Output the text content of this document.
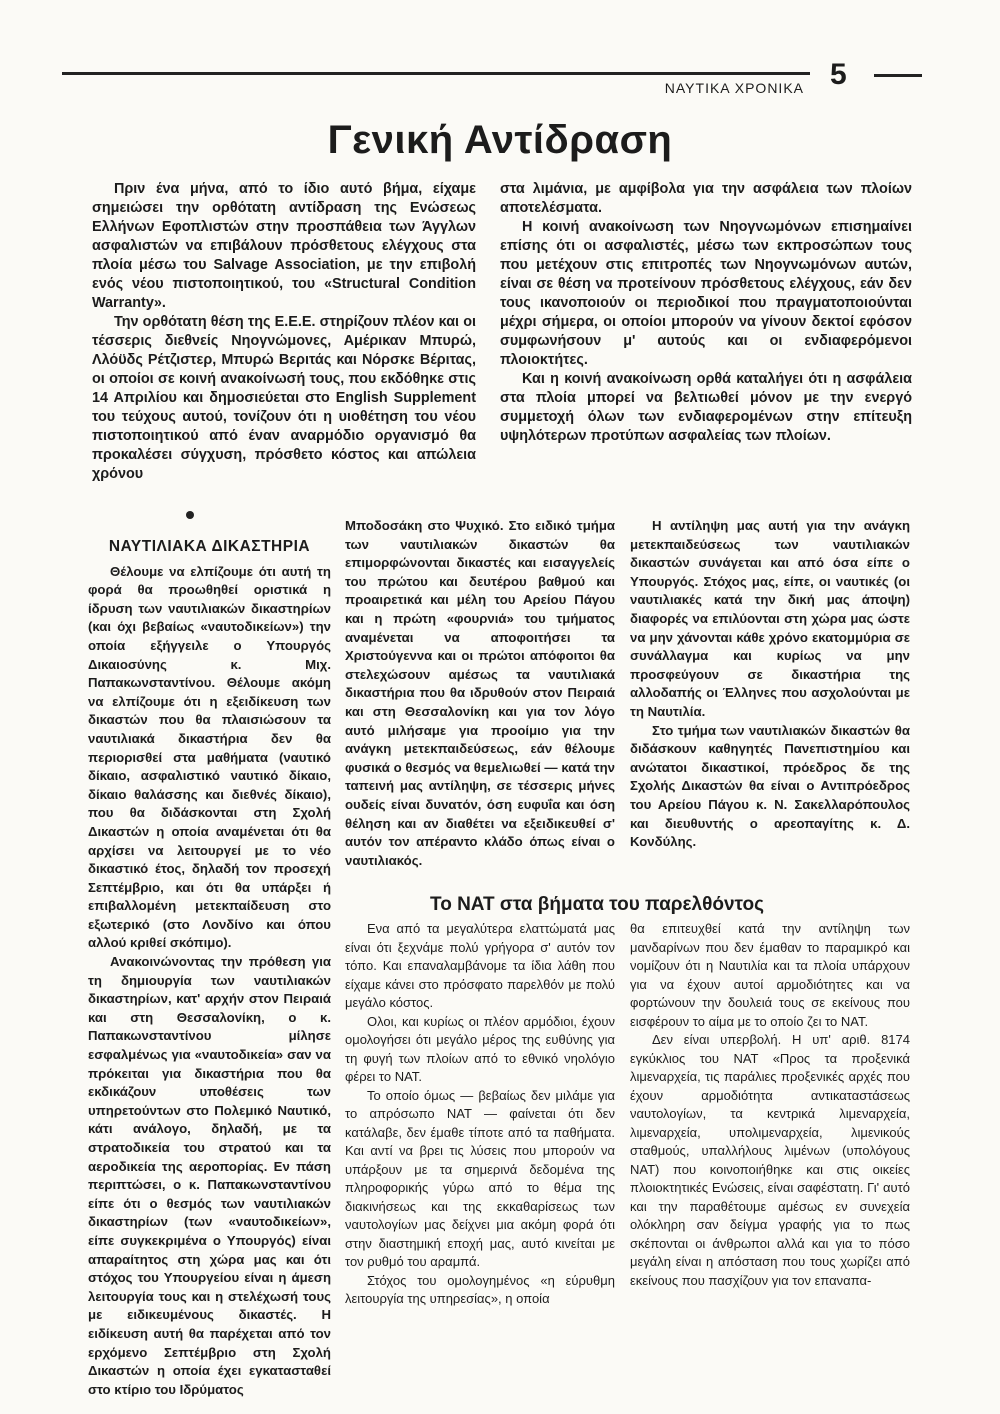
ΝΑΥΤΙΚΑ ΧΡΟΝΙΚΑ 5
Γενική Αντίδραση

Πριν ένα μήνα, από το ίδιο αυτό βήμα, είχαμε σημειώσει την ορθότατη αντίδραση της Ενώσεως Ελλήνων Εφοπλιστών στην προσπάθεια των Άγγλων ασφαλιστών να επιβάλουν πρόσθετους ελέγχους στα πλοία μέσω του Salvage Association, με την επιβολή ενός νέου πιστοποιητικού, του «Structural Condition Warranty».

Την ορθότατη θέση της Ε.Ε.Ε. στηρίζουν πλέον και οι τέσσερις διεθνείς Νηογνώμονες, Αμέρικαν Μπυρώ, Λλόϋδς Ρέτζιστερ, Μπυρώ Βεριτάς και Νόρσκε Βέριτας, οι οποίοι σε κοινή ανακοίνωσή τους, που εκδόθηκε στις 14 Απριλίου και δημοσιεύεται στο English Supplement του τεύχους αυτού, τονίζουν ότι η υιοθέτηση του νέου πιστοποιητικού από έναν αναρμόδιο οργανισμό θα προκαλέσει σύγχυση, πρόσθετο κόστος και απώλεια χρόνου

στα λιμάνια, με αμφίβολα για την ασφάλεια των πλοίων αποτελέσματα.

Η κοινή ανακοίνωση των Νηογνωμόνων επισημαίνει επίσης ότι οι ασφαλιστές, μέσω των εκπροσώπων τους που μετέχουν στις επιτροπές των Νηογνωμόνων αυτών, είναι σε θέση να προτείνουν πρόσθετους ελέγχους, εάν δεν τους ικανοποιούν οι περιοδικοί που πραγματοποιούνται μέχρι σήμερα, οι οποίοι μπορούν να γίνουν δεκτοί εφόσον συμφωνήσουν μ' αυτούς και οι ενδιαφερόμενοι πλοιοκτήτες.

Και η κοινή ανακοίνωση ορθά καταλήγει ότι η ασφάλεια στα πλοία μπορεί να βελτιωθεί μόνον με την ενεργό συμμετοχή όλων των ενδιαφερομένων στην επίτευξη υψηλότερων προτύπων ασφαλείας των πλοίων.

ΝΑΥΤΙΛΙΑΚΑ ΔΙΚΑΣΤΗΡΙΑ

Θέλουμε να ελπίζουμε ότι αυτή τη φορά θα προωθηθεί οριστικά η ίδρυση των ναυτιλιακών δικαστηρίων (και όχι βεβαίως «ναυτοδικείων») την οποία εξήγγειλε ο Υπουργός Δικαιοσύνης κ. Μιχ. Παπακωνσταντίνου. Θέλουμε ακόμη να ελπίζουμε ότι η εξειδίκευση των δικαστών που θα πλαισιώσουν τα ναυτιλιακά δικαστήρια δεν θα περιορισθεί στα μαθήματα (ναυτικό δίκαιο, ασφαλιστικό ναυτικό δίκαιο, δίκαιο θαλάσσης και διεθνές δίκαιο), που θα διδάσκονται στη Σχολή Δικαστών η οποία αναμένεται ότι θα αρχίσει να λειτουργεί με το νέο δικαστικό έτος, δηλαδή τον προσεχή Σεπτέμβριο, και ότι θα υπάρξει ή επιβαλλομένη μετεκπαίδευση στο εξωτερικό (στο Λονδίνο και όπου αλλού κριθεί σκόπιμο).

Ανακοινώνοντας την πρόθεση για τη δημιουργία των ναυτιλιακών δικαστηρίων, κατ' αρχήν στον Πειραιά και στη Θεσσαλονίκη, ο κ. Παπακωνσταντίνου μίλησε εσφαλμένως για «ναυτοδικεία» σαν να πρόκειται για δικαστήρια που θα εκδικάζουν υποθέσεις των υπηρετούντων στο Πολεμικό Ναυτικό, κάτι ανάλογο, δηλαδή, με τα στρατοδικεία του στρατού και τα αεροδικεία της αεροπορίας. Εν πάση περιπτώσει, ο κ. Παπακωνσταντίνου είπε ότι ο θεσμός των ναυτιλιακών δικαστηρίων (των «ναυτοδικείων», είπε συγκεκριμένα ο Υπουργός) είναι απαραίτητος στη χώρα μας και ότι στόχος του Υπουργείου είναι η άμεση λειτουργία τους και η στελέχωσή τους με ειδικευμένους δικαστές. Η ειδίκευση αυτή θα παρέχεται από τον ερχόμενο Σεπτέμβριο στη Σχολή Δικαστών η οποία έχει εγκατασταθεί στο κτίριο του Ιδρύματος

Μποδοσάκη στο Ψυχικό. Στο ειδικό τμήμα των ναυτιλιακών δικαστών θα επιμορφώνονται δικαστές και εισαγγελείς του πρώτου και δευτέρου βαθμού και προαιρετικά και μέλη του Αρείου Πάγου και η πρώτη «φουρνιά» του τμήματος αναμένεται να αποφοιτήσει τα Χριστούγεννα και οι πρώτοι απόφοιτοι θα στελεχώσουν αμέσως τα ναυτιλιακά δικαστήρια που θα ιδρυθούν στον Πειραιά και στη Θεσσαλονίκη και για τον λόγο αυτό μιλήσαμε για προοίμιο για την ανάγκη μετεκπαιδεύσεως, εάν θέλουμε φυσικά ο θεσμός να θεμελιωθεί — κατά την ταπεινή μας αντίληψη, σε τέσσερις μήνες ουδείς είναι δυνατόν, όση ευφυΐα και όση θέληση και αν διαθέτει να εξειδικευθεί σ' αυτόν τον απέραντο κλάδο όπως είναι ο ναυτιλιακός.

Η αντίληψη μας αυτή για την ανάγκη μετεκπαιδεύσεως των ναυτιλιακών δικαστών συνάγεται και από όσα είπε ο Υπουργός. Στόχος μας, είπε, οι ναυτικές (οι ναυτιλιακές κατά την δική μας άποψη) διαφορές να επιλύονται στη χώρα μας ώστε να μην χάνονται κάθε χρόνο εκατομμύρια σε συνάλλαγμα και κυρίως να μην προσφεύγουν σε δικαστήρια της αλλοδαπής οι Έλληνες που ασχολούνται με τη Ναυτιλία.

Στο τμήμα των ναυτιλιακών δικαστών θα διδάσκουν καθηγητές Πανεπιστημίου και ανώτατοι δικαστικοί, πρόεδρος δε της Σχολής Δικαστών θα είναι ο Αντιπρόεδρος του Αρείου Πάγου κ. Ν. Σακελλαρόπουλος και διευθυντής ο αρεοπαγίτης κ. Δ. Κονδύλης.

Το ΝΑΤ στα βήματα του παρελθόντος

Ενα από τα μεγαλύτερα ελαττώματά μας είναι ότι ξεχνάμε πολύ γρήγορα σ' αυτόν τον τόπο. Και επαναλαμβάνομε τα ίδια λάθη που είχαμε κάνει στο πρόσφατο παρελθόν με πολύ μεγάλο κόστος.

Ολοι, και κυρίως οι πλέον αρμόδιοι, έχουν ομολογήσει ότι μεγάλο μέρος της ευθύνης για τη φυγή των πλοίων από το εθνικό νηολόγιο φέρει το ΝΑΤ.

Το οποίο όμως — βεβαίως δεν μιλάμε για το απρόσωπο ΝΑΤ — φαίνεται ότι δεν κατάλαβε, δεν έμαθε τίποτε από τα παθήματα. Και αντί να βρει τις λύσεις που μπορούν να υπάρξουν με τα σημερινά δεδομένα της πληροφορικής γύρω από το θέμα της διακινήσεως και της εκκαθαρίσεως των ναυτολογίων μας δείχνει μια ακόμη φορά ότι στην διαστημική εποχή μας, αυτό κινείται με τον ρυθμό του αραμπά.

Στόχος του ομολογημένος «η εύρυθμη λειτουργία της υπηρεσίας», η οποία

θα επιτευχθεί κατά την αντίληψη των μανδαρίνων που δεν έμαθαν το παραμικρό και νομίζουν ότι η Ναυτιλία και τα πλοία υπάρχουν για να έχουν αυτοί αρμοδιότητες και να φορτώνουν την δουλειά τους σε εκείνους που εισφέρουν το αίμα με το οποίο ζει το ΝΑΤ.

Δεν είναι υπερβολή. Η υπ' αριθ. 8174 εγκύκλιος του ΝΑΤ «Προς τα προξενικά λιμεναρχεία, τις παράλιες προξενικές αρχές που έχουν αρμοδιότητα αντικαταστάσεως ναυτολογίων, τα κεντρικά λιμεναρχεία, λιμεναρχεία, υπολιμεναρχεία, λιμενικούς σταθμούς, υπαλλήλους λιμένων (υπολόγους ΝΑΤ) που κοινοποιήθηκε και στις οικείες πλοιοκτητικές Ενώσεις, είναι σαφέστατη. Γι' αυτό και την παραθέτουμε αμέσως εν συνεχεία ολόκληρη σαν δείγμα γραφής για το πως σκέπονται οι άνθρωποι αλλά και για το πόσο μεγάλη είναι η απόσταση που τους χωρίζει από εκείνους που πασχίζουν για τον επαναπα-
